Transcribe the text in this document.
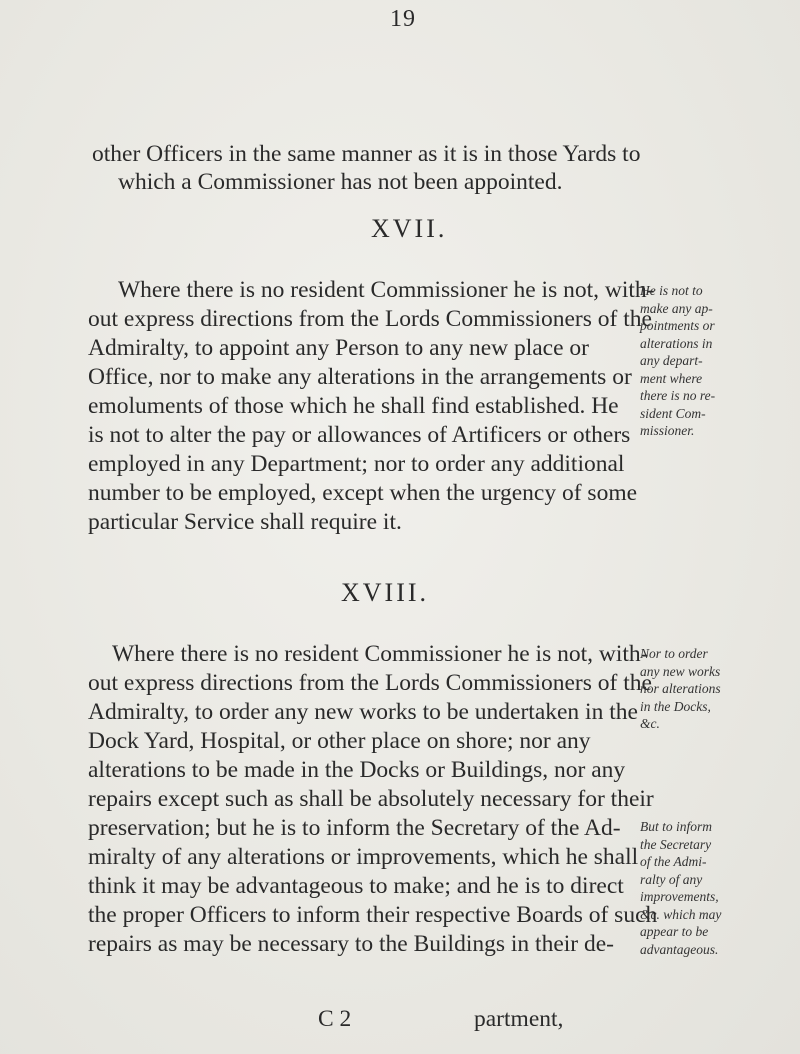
19
other Officers in the same manner as it is in those Yards to
which a Commissioner has not been appointed.
XVII.
Where there is no resident Commissioner he is not, with-
out express directions from the Lords Commissioners of the
Admiralty, to appoint any Person to any new place or
Office, nor to make any alterations in the arrangements or
emoluments of those which he shall find established. He
is not to alter the pay or allowances of Artificers or others
employed in any Department; nor to order any additional
number to be employed, except when the urgency of some
particular Service shall require it.
He is not to
make any ap-
pointments or
alterations in
any depart-
ment where
there is no re-
sident Com-
missioner.
XVIII.
Where there is no resident Commissioner he is not, with-
out express directions from the Lords Commissioners of the
Admiralty, to order any new works to be undertaken in the
Dock Yard, Hospital, or other place on shore; nor any
alterations to be made in the Docks or Buildings, nor any
repairs except such as shall be absolutely necessary for their
preservation; but he is to inform the Secretary of the Ad-
miralty of any alterations or improvements, which he shall
think it may be advantageous to make; and he is to direct
the proper Officers to inform their respective Boards of such
repairs as may be necessary to the Buildings in their de-
Nor to order
any new works
nor alterations
in the Docks,
&c.
But to inform
the Secretary
of the Admi-
ralty of any
improvements,
&c. which may
appear to be
advantageous.
C 2	partment,
